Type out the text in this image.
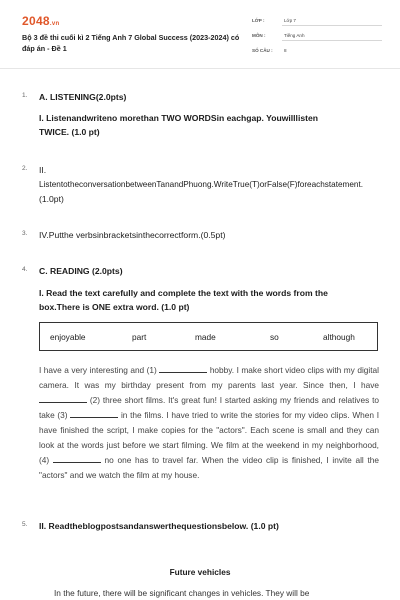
2048.vn
Bộ 3 đề thi cuối kì 2 Tiếng Anh 7 Global Success (2023-2024) có đáp án - Đề 1
LỚP :	Lớp 7
MÔN :	Tiếng Anh
SỐ CÂU : 8
1. A. LISTENING(2.0pts)
I. Listenandwriteno morethan TWO WORDSin eachgap. Youwilllisten
TWICE. (1.0 pt)
2. II.
ListentotheconversationbetweenTanandPhuong.WriteTrue(T)orFalse(F)foreachstatement.
(1.0pt)
3. IV.Putthe verbsinbracketsinthecorrectform.(0.5pt)
4. C. READING (2.0pts)
I. Read the text carefully and complete the text with the words from the
box.There is ONE extra word. (1.0 pt)
enjoyable	part	made	so	although

I have a very interesting and (1)	hobby. I make short video clips with my digital camera. It was my birthday present from my parents last year. Since then, I have  (2) three short films. It's great fun! I started asking my friends and relatives to take (3)	in the films. I have tried to write the stories for my video clips. When I have finished the script, I make copies for the "actors". Each scene is small and they can look at the words just before we start filming. We film at the weekend in my neighborhood, (4)	no one has to travel far. When the video clip is finished, I invite all the "actors" and we watch the film at my house.

5. II. Readtheblogpostsandanswerthequestionsbelow. (1.0 pt)
Future vehicles
In the future, there will be significant changes in vehicles. They will be
